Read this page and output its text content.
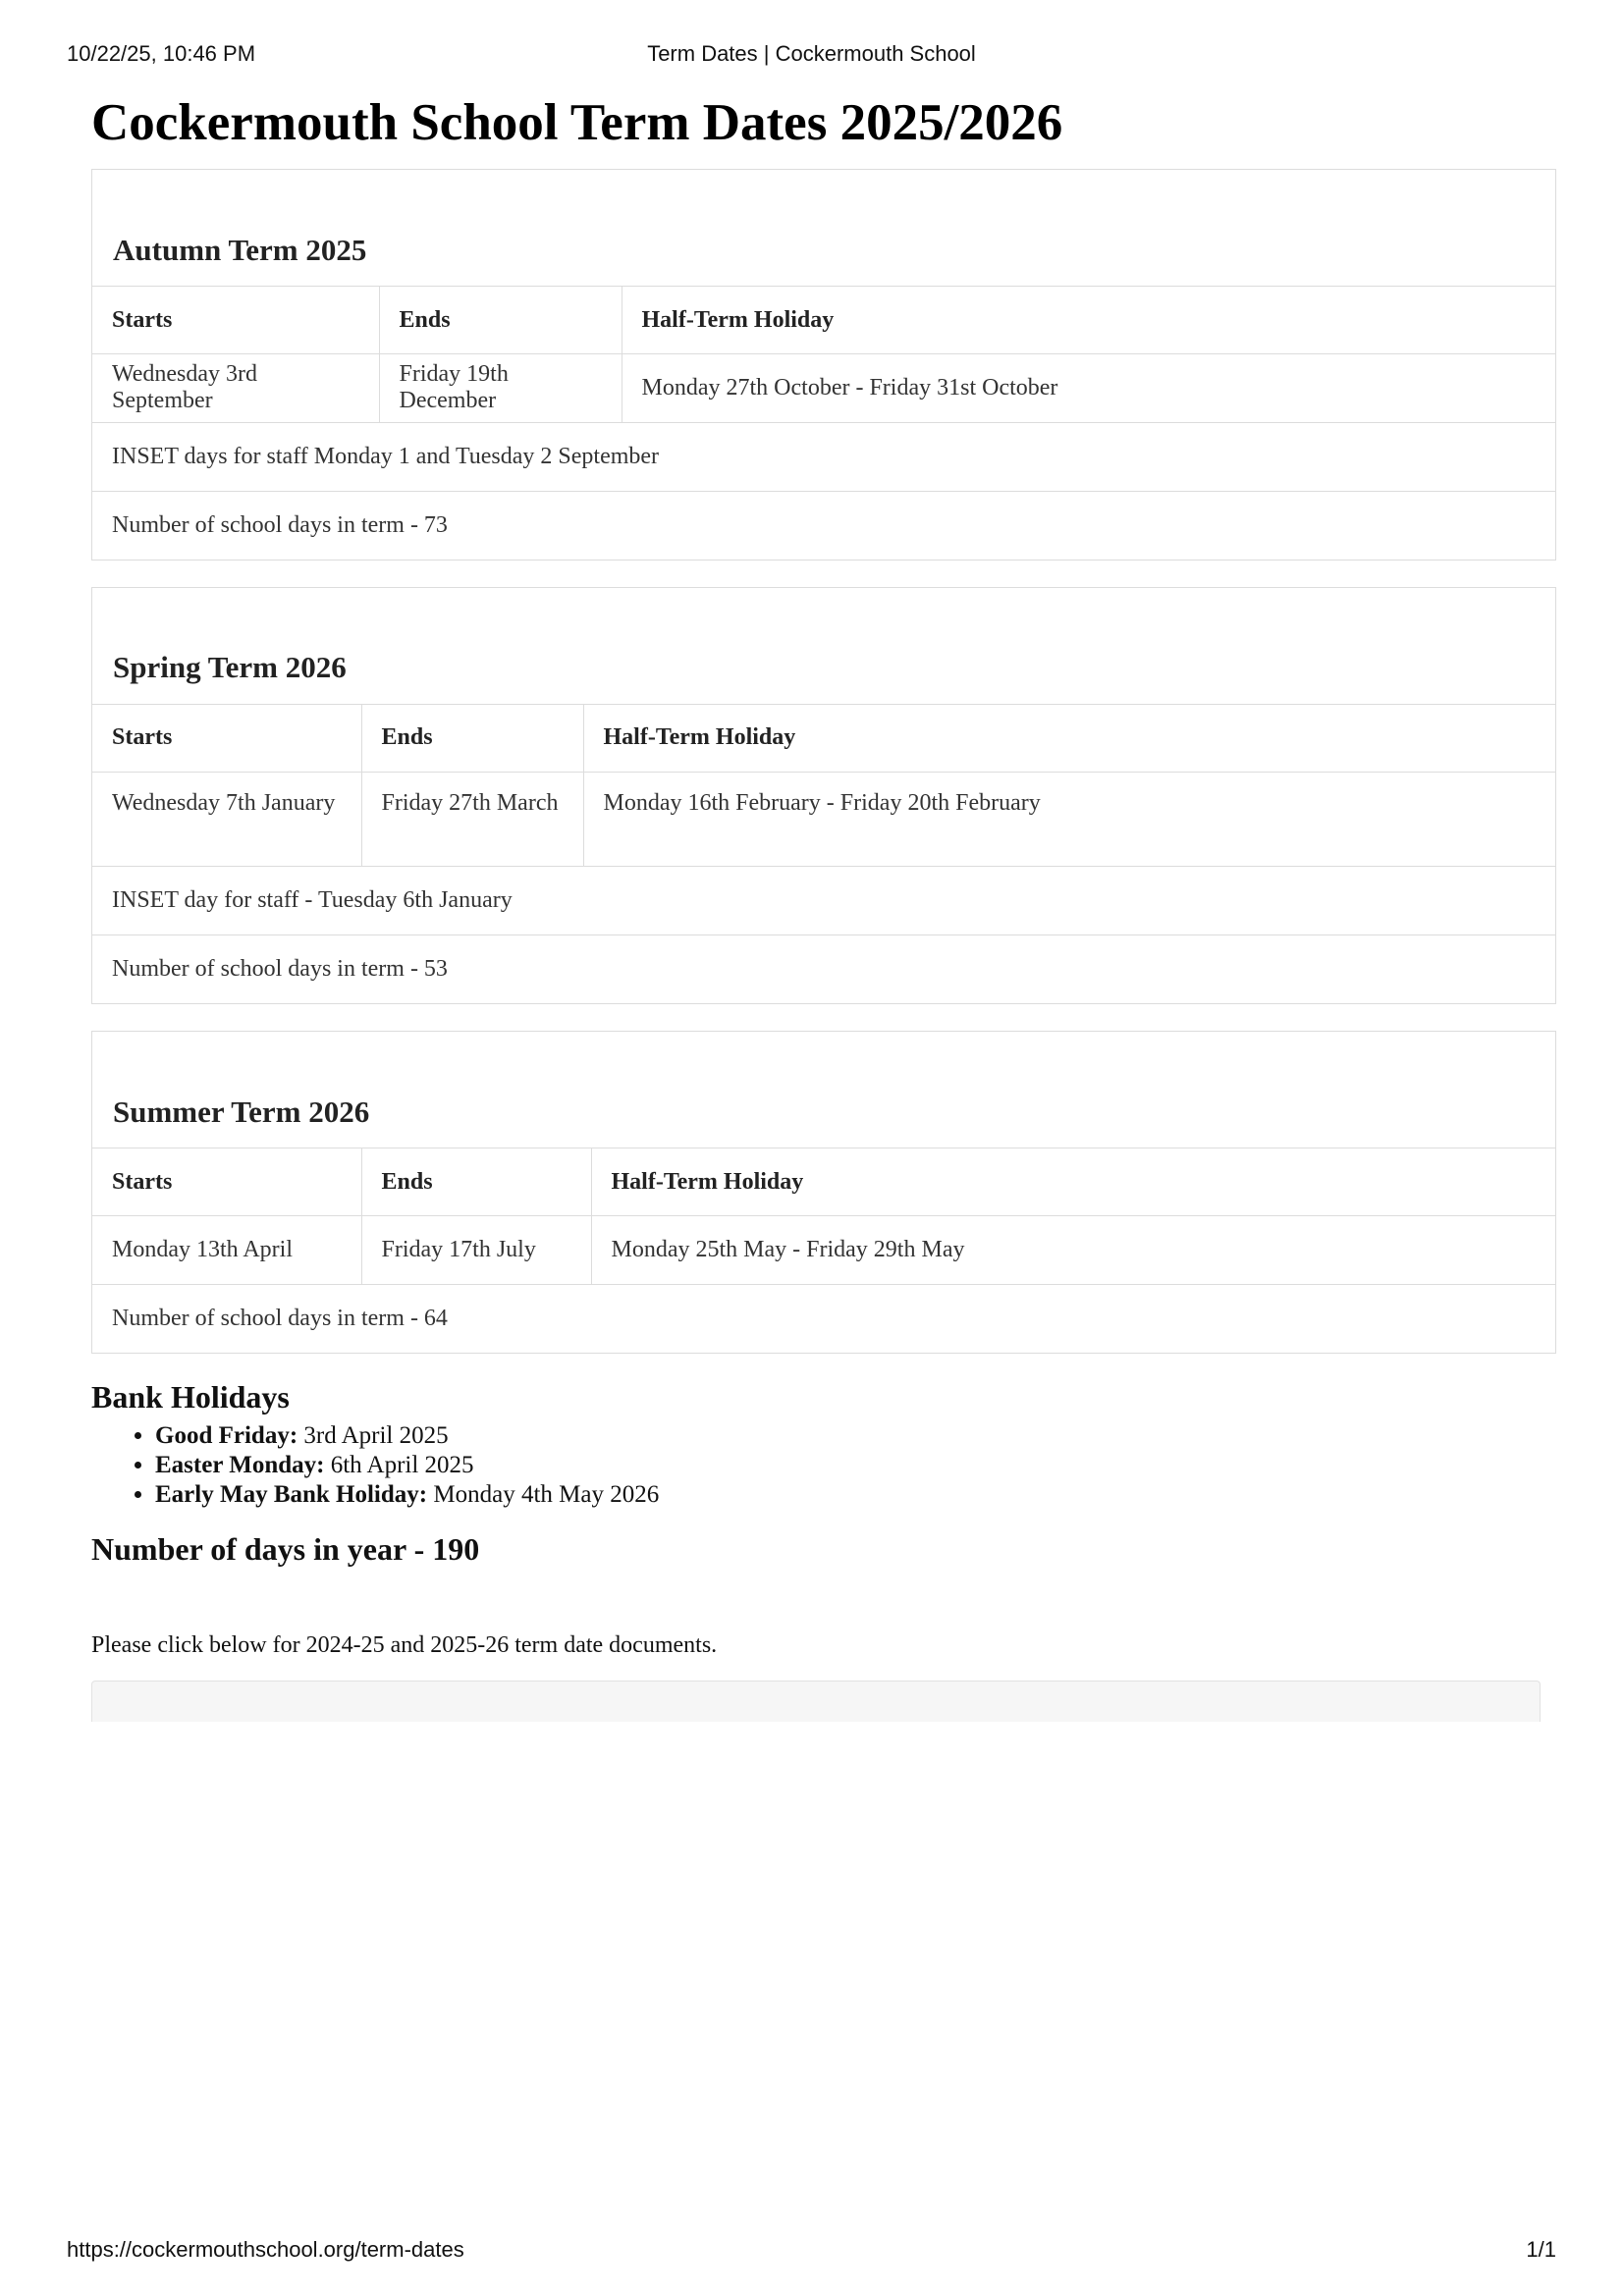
10/22/25, 10:46 PM	Term Dates | Cockermouth School
Cockermouth School Term Dates 2025/2026
Autumn Term 2025
Starts	Ends	Half-Term Holiday
Wednesday 3rd September	Friday 19th December	Monday 27th October - Friday 31st October
INSET days for staff Monday 1 and Tuesday 2 September
Number of school days in term - 73
Spring Term 2026
Starts	Ends	Half-Term Holiday
Wednesday 7th January	Friday 27th March	Monday 16th February - Friday 20th February
INSET day for staff - Tuesday 6th January
Number of school days in term - 53
Summer Term 2026
Starts	Ends	Half-Term Holiday
Monday 13th April	Friday 17th July	Monday 25th May - Friday 29th May
Number of school days in term - 64
Bank Holidays
• Good Friday: 3rd April 2025
• Easter Monday: 6th April 2025
• Early May Bank Holiday: Monday 4th May 2026
Number of days in year - 190

Please click below for 2024-25 and 2025-26 term date documents.

https://cockermouthschool.org/term-dates	1/1
